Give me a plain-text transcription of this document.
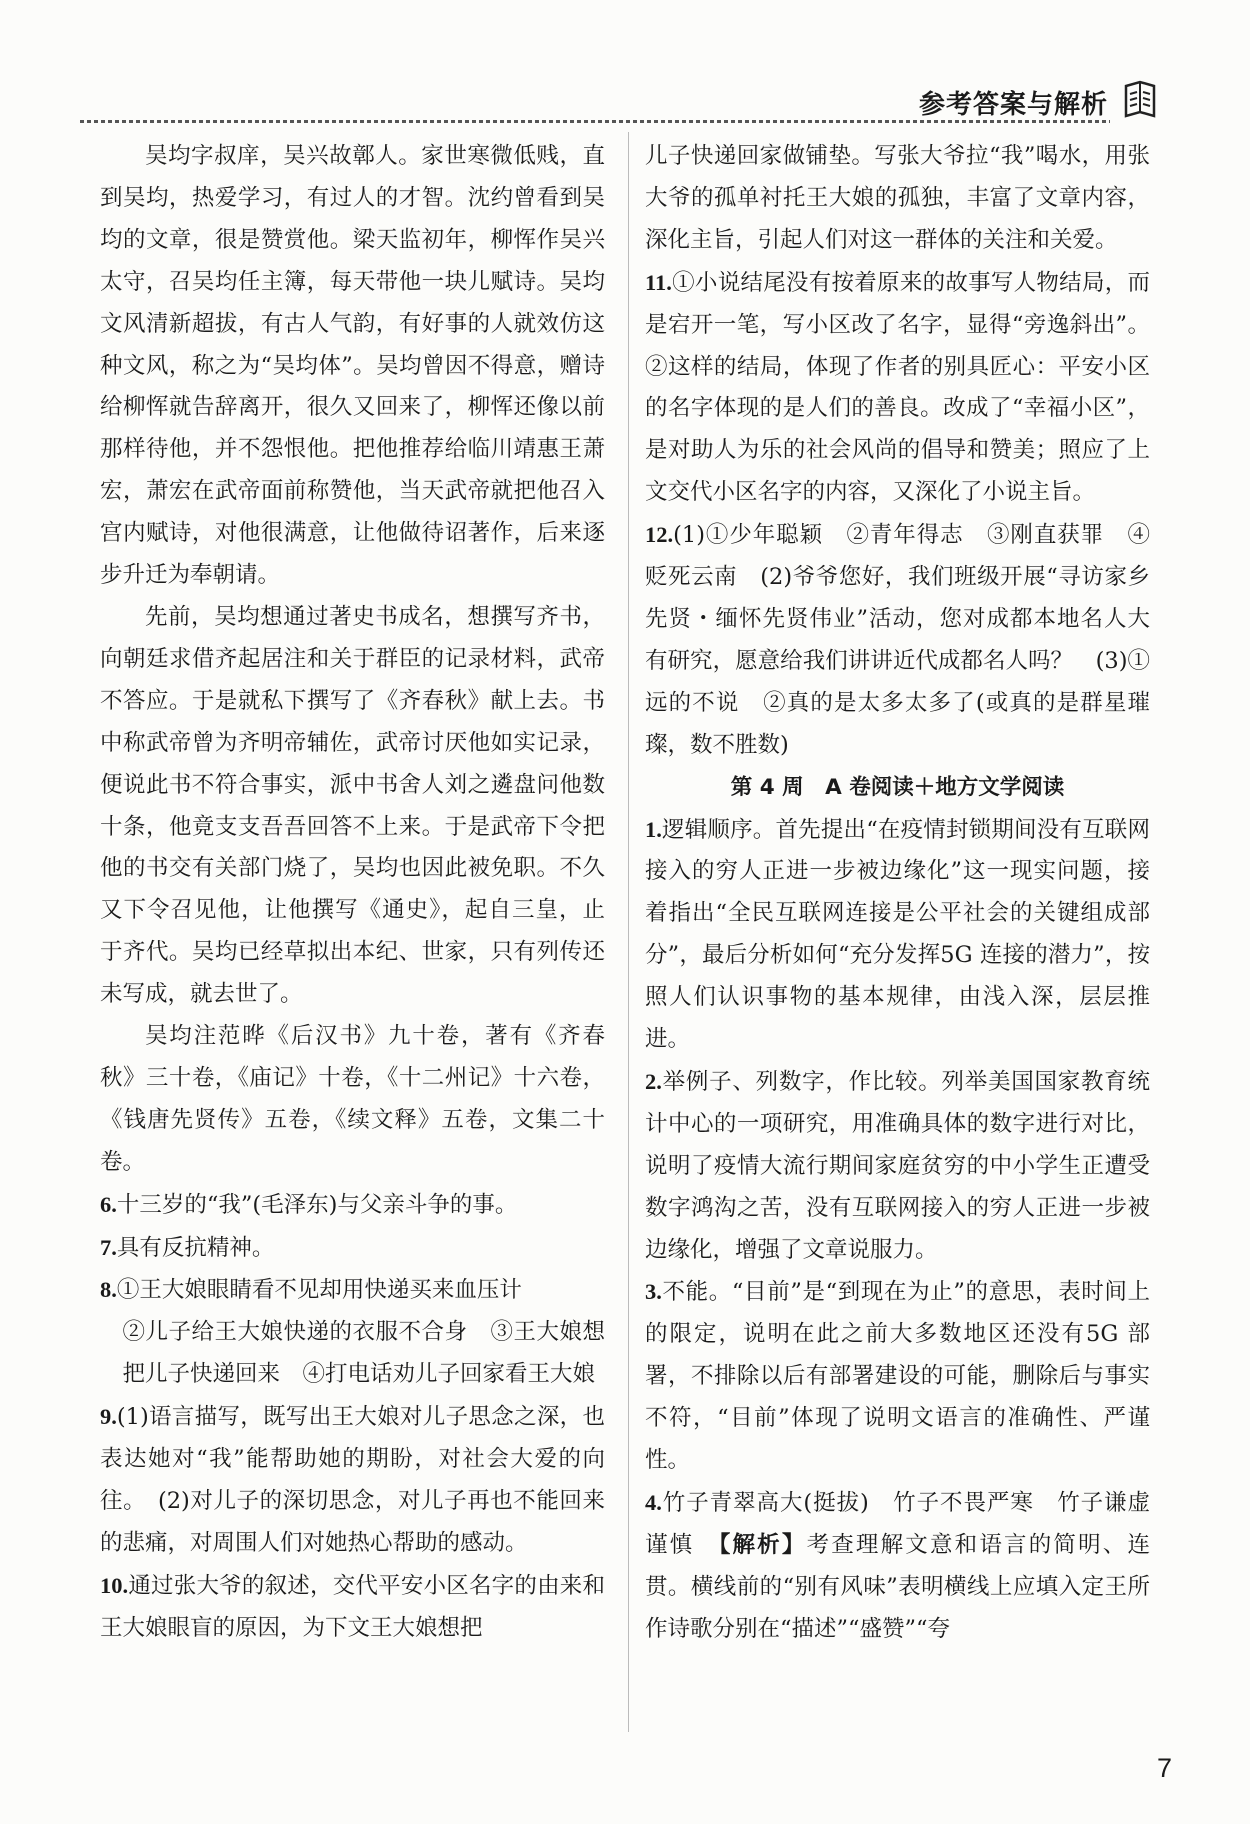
参考答案与解析

吴均字叔庠，吴兴故鄣人。家世寒微低贱，直到吴均，热爱学习，有过人的才智。沈约曾看到吴均的文章，很是赞赏他。梁天监初年，柳恽作吴兴太守，召吴均任主簿，每天带他一块儿赋诗。吴均文风清新超拔，有古人气韵，有好事的人就效仿这种文风，称之为“吴均体”。吴均曾因不得意，赠诗给柳恽就告辞离开，很久又回来了，柳恽还像以前那样待他，并不怨恨他。把他推荐给临川靖惠王萧宏，萧宏在武帝面前称赞他，当天武帝就把他召入宫内赋诗，对他很满意，让他做待诏著作，后来逐步升迁为奉朝请。

先前，吴均想通过著史书成名，想撰写齐书，向朝廷求借齐起居注和关于群臣的记录材料，武帝不答应。于是就私下撰写了《齐春秋》献上去。书中称武帝曾为齐明帝辅佐，武帝讨厌他如实记录，便说此书不符合事实，派中书舍人刘之遴盘问他数十条，他竟支支吾吾回答不上来。于是武帝下令把他的书交有关部门烧了，吴均也因此被免职。不久又下令召见他，让他撰写《通史》，起自三皇，止于齐代。吴均已经草拟出本纪、世家，只有列传还未写成，就去世了。

吴均注范晔《后汉书》九十卷，著有《齐春秋》三十卷，《庙记》十卷，《十二州记》十六卷，《钱唐先贤传》五卷，《续文释》五卷，文集二十卷。

6.十三岁的“我”(毛泽东)与父亲斗争的事。

7.具有反抗精神。

8.①王大娘眼睛看不见却用快递买来血压计

②儿子给王大娘快递的衣服不合身　③王大娘想把儿子快递回来　④打电话劝儿子回家看王大娘

9.(1)语言描写，既写出王大娘对儿子思念之深，也表达她对“我”能帮助她的期盼，对社会大爱的向往。　(2)对儿子的深切思念，对儿子再也不能回来的悲痛，对周围人们对她热心帮助的感动。

10.通过张大爷的叙述，交代平安小区名字的由来和王大娘眼盲的原因，为下文王大娘想把

儿子快递回家做铺垫。写张大爷拉“我”喝水，用张大爷的孤单衬托王大娘的孤独，丰富了文章内容，深化主旨，引起人们对这一群体的关注和关爱。

11.①小说结尾没有按着原来的故事写人物结局，而是宕开一笔，写小区改了名字，显得“旁逸斜出”。②这样的结局，体现了作者的别具匠心：平安小区的名字体现的是人们的善良。改成了“幸福小区”，是对助人为乐的社会风尚的倡导和赞美；照应了上文交代小区名字的内容，又深化了小说主旨。

12.(1)①少年聪颖　②青年得志　③刚直获罪　④贬死云南　(2)爷爷您好，我们班级开展“寻访家乡先贤・缅怀先贤伟业”活动，您对成都本地名人大有研究，愿意给我们讲讲近代成都名人吗？　(3)①远的不说　②真的是太多太多了(或真的是群星璀璨，数不胜数)

第 4 周　A 卷阅读＋地方文学阅读

1.逻辑顺序。首先提出“在疫情封锁期间没有互联网接入的穷人正进一步被边缘化”这一现实问题，接着指出“全民互联网连接是公平社会的关键组成部分”，最后分析如何“充分发挥5G 连接的潜力”，按照人们认识事物的基本规律，由浅入深，层层推进。

2.举例子、列数字，作比较。列举美国国家教育统计中心的一项研究，用准确具体的数字进行对比，说明了疫情大流行期间家庭贫穷的中小学生正遭受数字鸿沟之苦，没有互联网接入的穷人正进一步被边缘化，增强了文章说服力。

3.不能。“目前”是“到现在为止”的意思，表时间上的限定，说明在此之前大多数地区还没有5G 部署，不排除以后有部署建设的可能，删除后与事实不符，“目前”体现了说明文语言的准确性、严谨性。

4.竹子青翠高大(挺拔)　竹子不畏严寒　竹子谦虚谨慎　【解析】考查理解文意和语言的简明、连贯。横线前的“别有风味”表明横线上应填入定王所作诗歌分别在“描述”“盛赞”“夸

7
